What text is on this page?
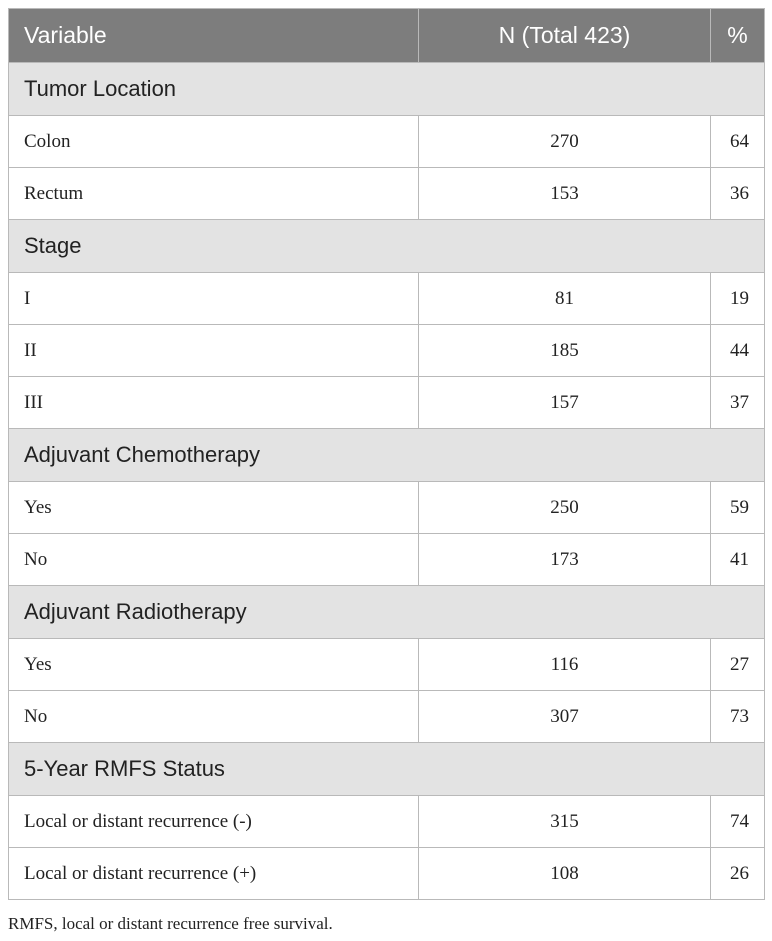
Variable	N (Total 423)	%
Tumor Location		
Colon	270	64
Rectum	153	36
Stage		
I	81	19
II	185	44
III	157	37
Adjuvant Chemotherapy		
Yes	250	59
No	173	41
Adjuvant Radiotherapy		
Yes	116	27
No	307	73
5-Year RMFS Status		
Local or distant recurrence (-)	315	74
Local or distant recurrence (+)	108	26
RMFS, local or distant recurrence free survival.
